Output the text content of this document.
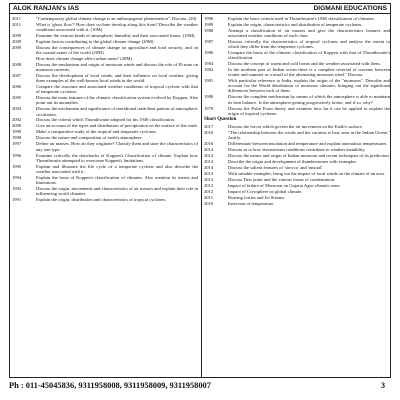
ALOK RANJAN's IAS	DIGMANI EDUCATIONS
2011	"Contemporary global climate change is an anthropogenic phenomenon". Discuss. (20)
2011	What is 'ghost flow'? How does cyclone develop along this front? Describe the weather conditions associated with it. (10M)
2009	Examine the various kinds of atmospheric humidity and their associated forms. (10M)
2009	Explain factors contributing to the global climate change (20M)
2009	Discuss the consequences of climate change on agriculture and food security, and on the coastal zones of the world (20M)
How does climate change affect urban areas? (20M)
2008	Discuss the mechanism and origin of monsoon winds and discuss the role of El-nino on monsoon currents.
2007	Discuss the development of local winds, and their influence on local weather, giving three examples of the well-known local winds in the world.
2006	Compare the structure and associated weather conditions of tropical cyclone with that of temperate cyclones.
2005	Discuss the main features of the climatic classification system evolved by Koppen. Also point out its anomalies.
2003	Discuss the mechanism and significance of meridional trade/heat pattern of atmospheric circulation.
2002	Discuss the criteria which Thornthwaite adopted for his 1948 classification.
2000	Give an account of the types and distribution of precipitation on the surface of the earth.
1999	Make a comparative study of the tropical and temperate cyclones.
1998	Discuss the nature and composition of earth's atmosphere.
1997	Define air masses. How do they originate? Classify them and state the characteristics of any one type.
1996	Examine critically the drawbacks of Koppen's Classification of climate. Explain how Thornthwaite attempted to overcome Koppen's limitations.
1995	Explain and illustrate the life cycle of a temperate cyclone and also describe the weather associated with it.
1994	Explain the basis of Koppen's classification of climates. Also mention its merits and limitations.
1992	Discuss the origin, movements and characteristics of air masses and explain their role in influencing world climates.
1991	Explain the origin, distribution and characteristics of tropical cyclones.
1990	Explain the basic criteria used in Thornthwaite's 1948 classification of climates.
1989	Explain the origin, characteristics and distribution of temperate cyclones.
1988	Attempt a classification of air masses and give the characteristics features and associated weather conditions of each class.
1987	Discuss critically the characteristics of tropical cyclones and analyse the extent to which they differ from the temperate cyclones.
1986	Compare the basis of the climatic classification of Koppen with that of Thornthwaite's classification.
1984	Discuss the concept of warm and cold fronts and the weather associated with them.
1982	In the northern part of Indian ocean there is a complete reversal of currents between winter and summer as a result of the alternating monsoon wind." Discuss.
1981	With particular reference to India, explain the origin of the "monsoon". Describe and account for the World distribution of monsoon climates, bringing out the significant differences between each of them.
1980	Discuss the complete mechanism by means of which the atmosphere is able to maintain its heat balance. Is the atmosphere getting progressively hotter, and if so, why?
1979	Discuss the Polar Front theory and examine how far it can be applied to explain the origin of tropical cyclones.
Short Question
2017	Discuss the forces which govern the air movement on the Earth's surface.
2016	"The relationship between the winds and the currents is best seen in the Indian Ocean." Justify.
2016	Differentiate between insolation and temperature and explain anomalous temperatures.
2014	Discuss as to how downstream conditions contribute to weather instability.
2014	Discuss the nature and origin of Indian monsoon and recent techniques of its prediction.
2014	Describe the origin and development of thunderstorms with examples.
2014	Discuss the salient features of 'sirocco' and 'mistral'.
2013	With suitable examples, bring out the impact of local winds on the climate of an area.
2013	Discuss Dew point and the various forms of condensation.
2012	Impact of failure of Monsoon on Gujarat Agro-climatic zone.
2012	Impact of Cryosphere on global climate.
2011	Roaring forties and Jet Stream.
2010	Inversion of temperature
Ph : 011-45045836, 9311958008, 9311958009, 9311958007	3
